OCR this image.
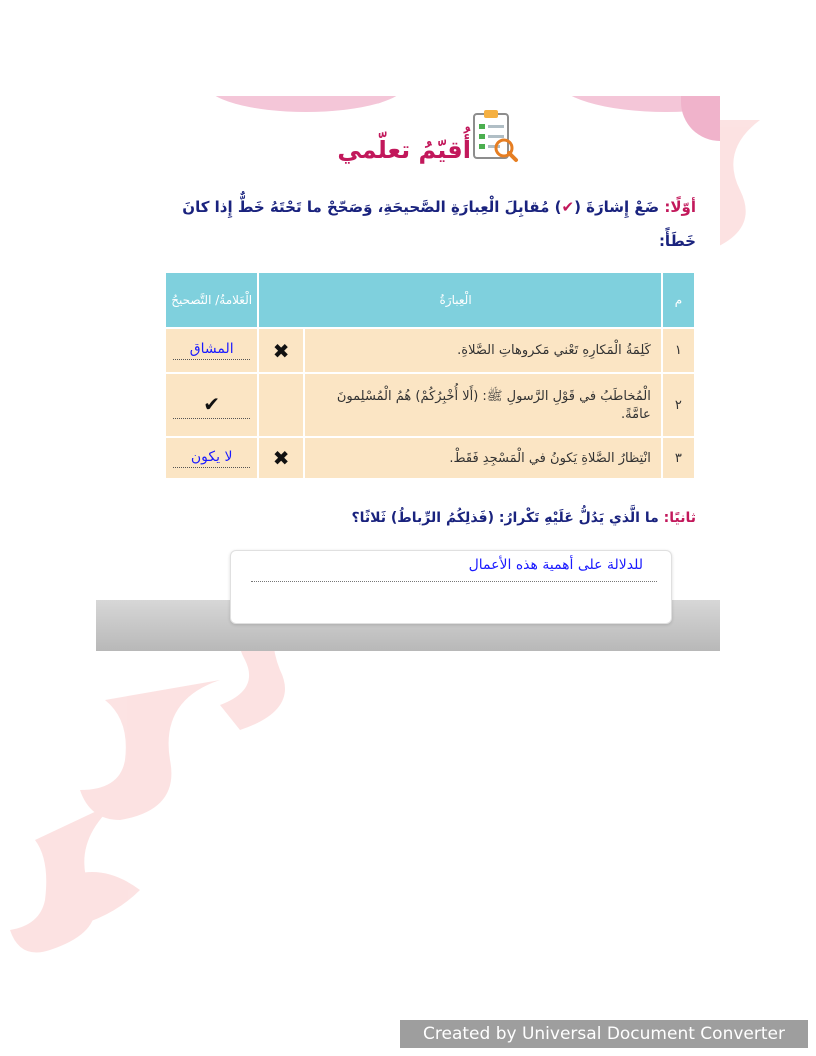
أُقيّمُ تعلّمي
أوّلًا: ضَعْ إِشارَةَ (✔) مُقابِلَ الْعِبارَةِ الصَّحيحَةِ، وَصَحّحْ ما تَحْتَهُ خَطٌّ إِذا كانَ خَطَأً:
م	الْعِبارَةُ		الْعَلامةُ/ التَّصحيحُ
١	كَلِمَةُ الْمَكارِهِ تَعْني مَكروهاتِ الصَّلاةِ.	✖	المشاق

٢	الْمُخاطَبُ في قَوْلِ الرَّسولِ ﷺ: (أَلا أُخْبِرُكُمْ) هُمُ الْمُسْلِمونَ عامَّةً.		✔

٣	انْتِظارُ الصَّلاةِ يَكونُ في الْمَسْجِدِ فَقَطْ.	✖	لا يكون
ثانيًا: ما الَّذي يَدُلُّ عَلَيْهِ تَكْرارُ: (فَذلِكُمُ الرِّباطُ) ثَلاثًا؟
للدلالة على أهمية هذه الأعمال
Created by Universal Document Converter
